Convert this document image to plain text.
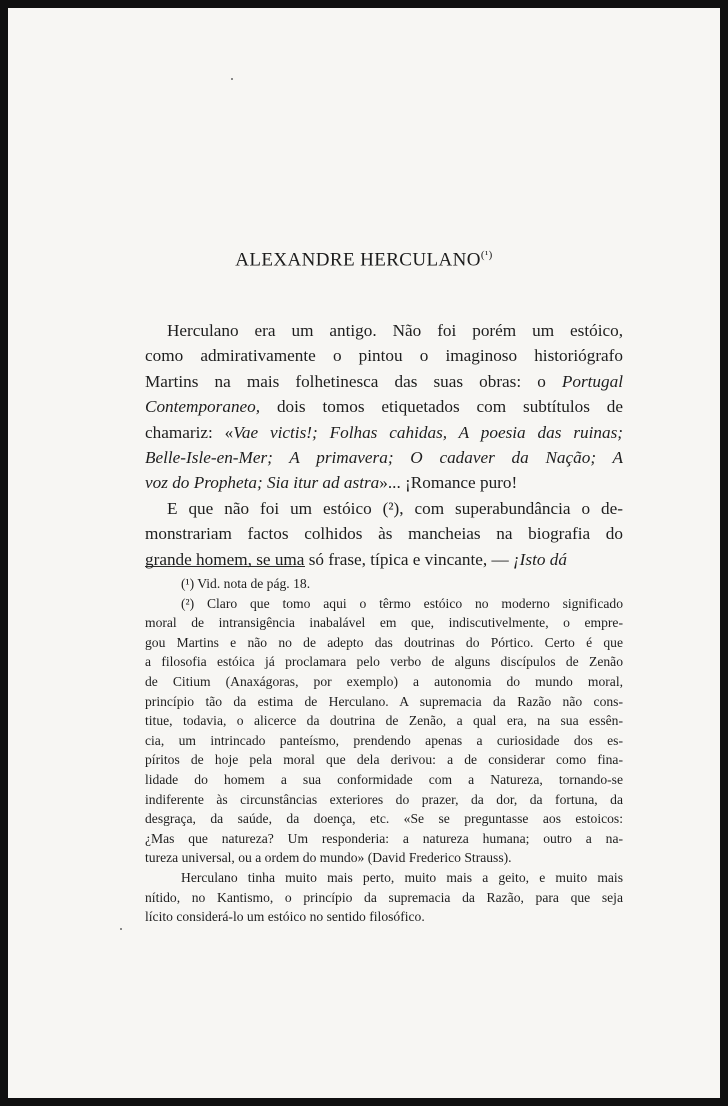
ALEXANDRE $HERCULANO^{(^1)}$
Herculano era um antigo. Não foi porém um estóico,
como admirativamente o pintou o imaginoso historiógrafo
Martins na mais folhetinesca das suas obras: o Portugal
Contemporaneo, dois tomos etiquetados com subtítulos de
chamariz: «Vae victis!; Folhas cahidas, A poesia das ruinas;
Belle-Isle-en-Mer; A primavera; O cadaver da Nação; A
voz do Propheta; Sia itur ad astra»... ¡Romance puro!
E que não foi um estóico (²), com superabundância o de-
monstrariam factos colhidos às mancheias na biografia do
grande homem, se uma só frase, típica e vincante, — ¡Isto dá
(¹) Vid. nota de pág. 18.
(²) Claro que tomo aqui o têrmo estóico no moderno significado
moral de intransigência inabalável em que, indiscutivelmente, o empre-
gou Martins e não no de adepto das doutrinas do Pórtico. Certo é que
a filosofia estóica já proclamara pelo verbo de alguns discípulos de Zenão
de Citium (Anaxágoras, por exemplo) a autonomia do mundo moral,
princípio tão da estima de Herculano. A supremacia da Razão não cons-
titue, todavia, o alicerce da doutrina de Zenão, a qual era, na sua essên-
cia, um intrincado panteísmo, prendendo apenas a curiosidade dos es-
píritos de hoje pela moral que dela derivou: a de considerar como fina-
lidade do homem a sua conformidade com a Natureza, tornando-se
indiferente às circunstâncias exteriores do prazer, da dor, da fortuna, da
desgraça, da saúde, da doença, etc. «Se se preguntasse aos estoicos:
¿Mas que natureza? Um responderia: a natureza humana; outro a na-
tureza universal, ou a ordem do mundo» (David Frederico Strauss).
Herculano tinha muito mais perto, muito mais a geito, e muito mais
nítido, no Kantismo, o princípio da supremacia da Razão, para que seja
lícito considerá-lo um estóico no sentido filosófico.
